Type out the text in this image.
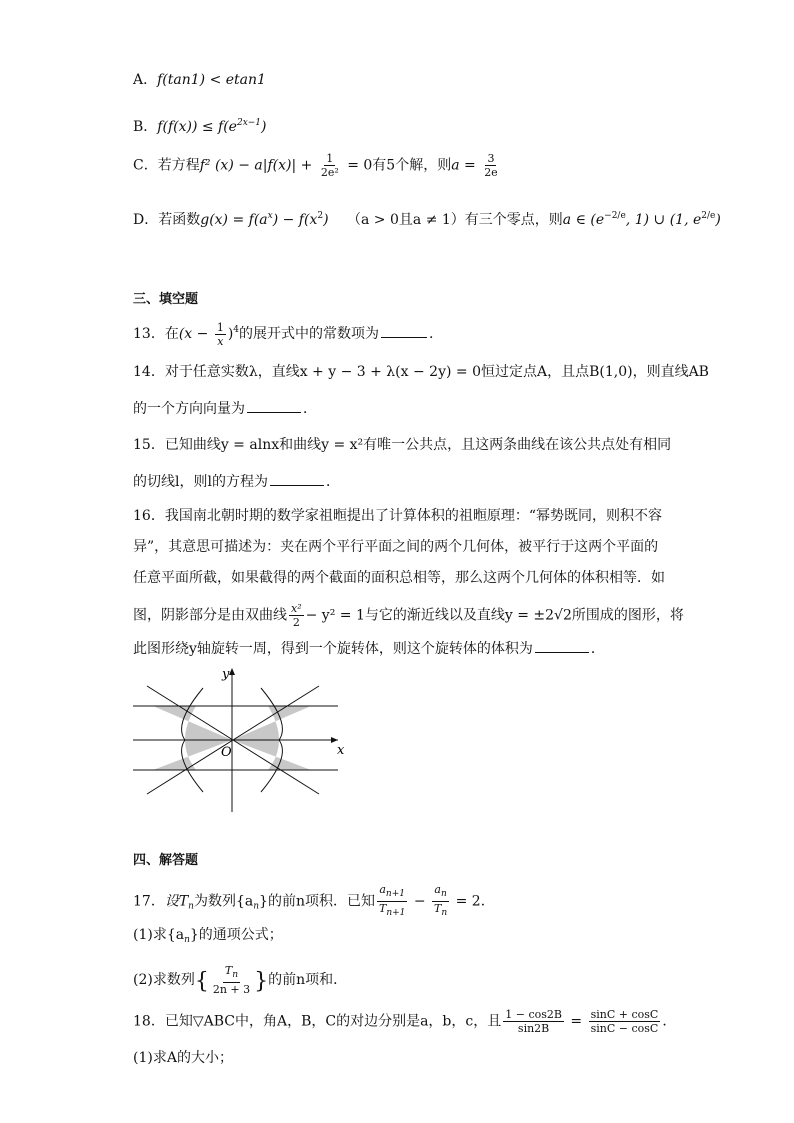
A．f(tan1) < etan1
B．$f(f(x)) \le f(e^{2x-1})$
C．若方程f² $(x) - a|f(x)| + \frac{1}{\text{2e²}} = 0$有5个解，则$a = \frac{3}{2e}$
D．若函数$g(x) = f(a^x) - f(x^2) (a > 0$且a ≠ 1）有三个零点，则a ∈ ($e^{-2/e}$, 1) ∪ (1, $e^{2/e}$)
三、填空题
13．在$(x - \frac{1}{x} )^4$的展开式中的常数项为	.
14．对于任意实数λ，直线x + y − 3 + λ(x − 2y) = 0恒过定点A，且点B(1,0)，则直线AB
的一个方向向量为	．
15．已知曲线y = alnx和曲线y = x²有唯一公共点，且这两条曲线在该公共点处有相同
的切线l，则l的方程为	．
16．我国南北朝时期的数学家祖暅提出了计算体积的祖暅原理：“幂势既同，则积不容
异”，其意思可描述为：夹在两个平行平面之间的两个几何体，被平行于这两个平面的
任意平面所截，如果截得的两个截面的面积总相等，那么这两个几何体的体积相等．如
图，阴影部分是由双曲线 $\frac{\text{x²}}{2} - y^2 = 1$与它的渐近线以及直线y = ±2√2所围成的图形，将
此图形绕y轴旋转一周，得到一个旋转体，则这个旋转体的体积为	．
y
x
O
四、解答题
17．设$T_n$为数列$\{a_n\}$的前n项积．已知 $\frac{a_{n+1}}{T_{n+1}} - \frac{a_n}{T_n} = 2$．
(1)求$\{a_n\}$的通项公式；
(2)求数列{ $\frac{T_n}{2n + 3}$ }的前n项和．
18．已知▽ABC中，角A，B，C的对边分别是a，b，c，且 $\frac{1 - \cos 2B}{\sin 2B} = \frac{\sin C + \cos C}{\sin C - \cos C}$ ．
(1)求A的大小；
